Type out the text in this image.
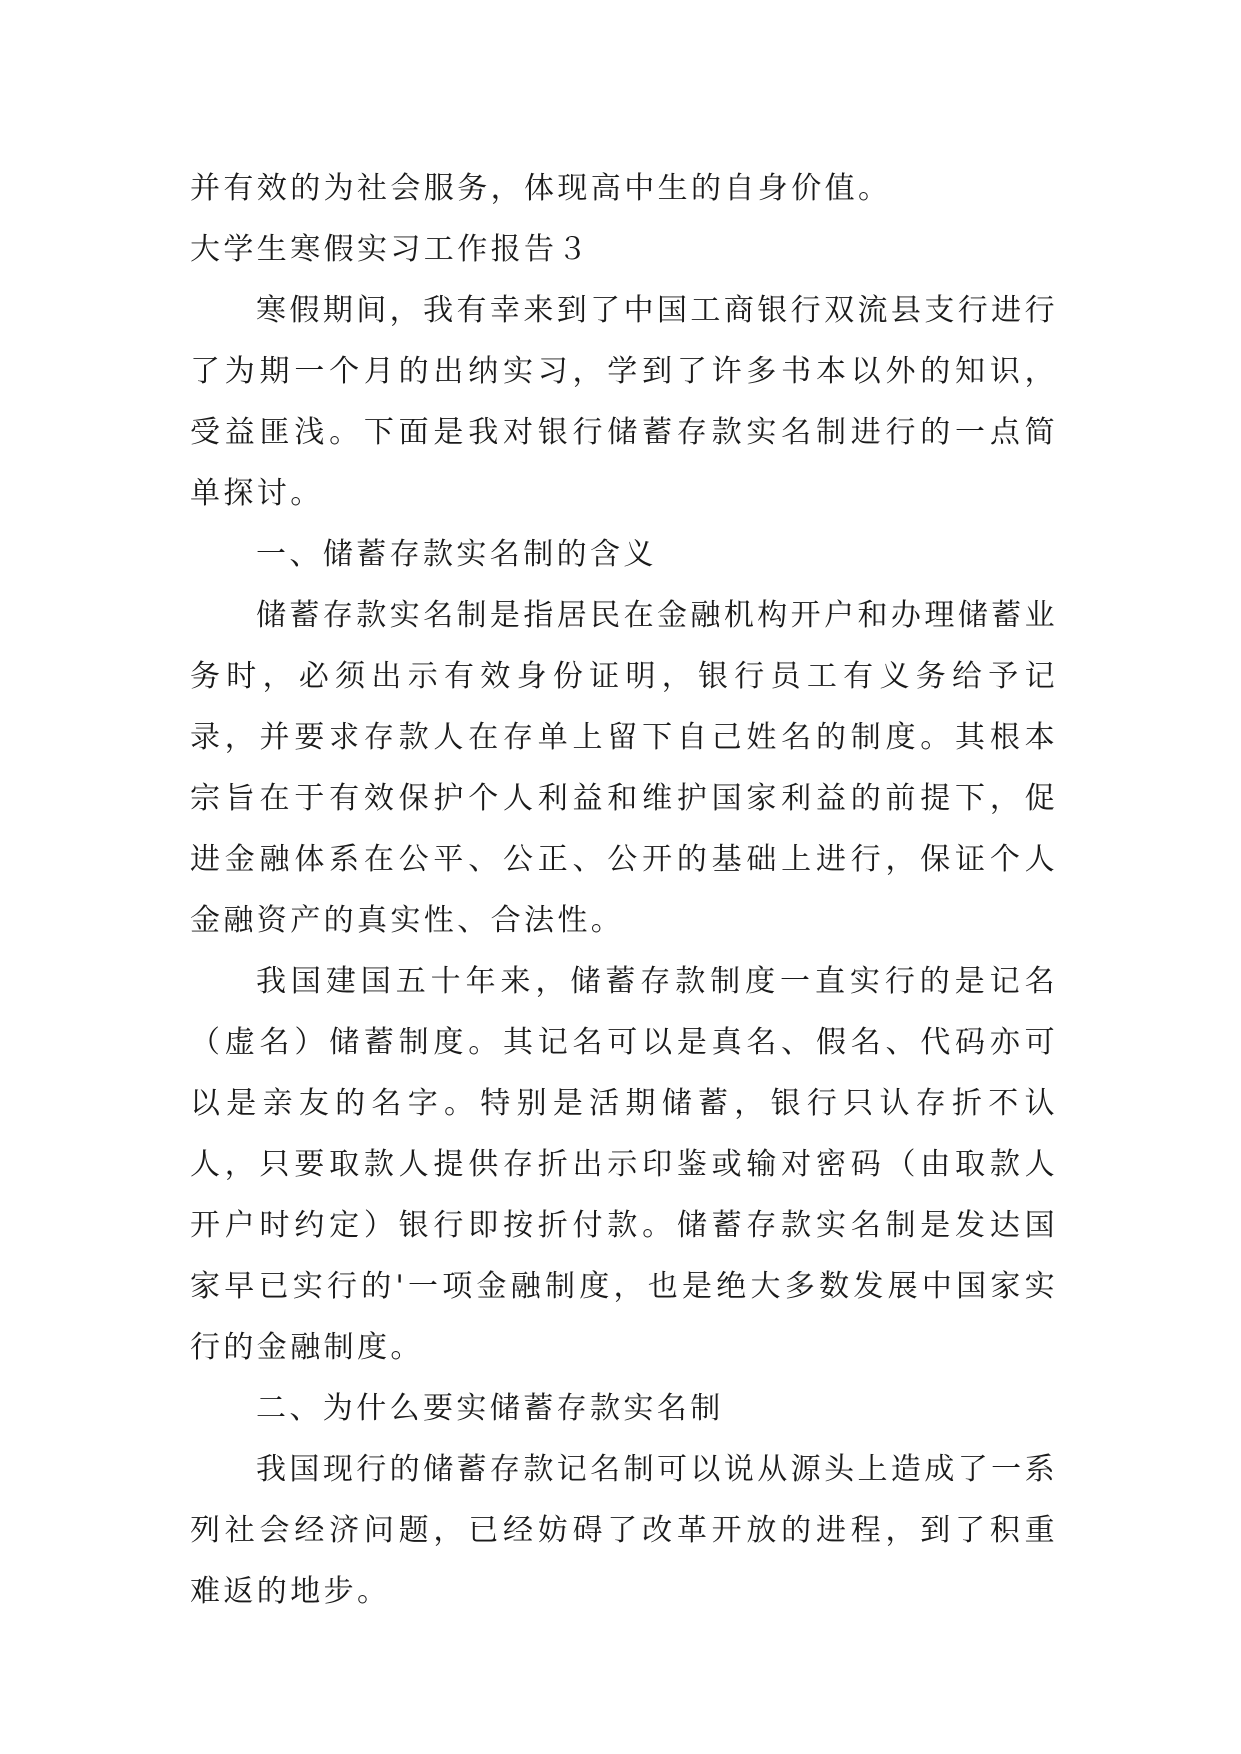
并有效的为社会服务，体现高中生的自身价值。

大学生寒假实习工作报告３

寒假期间，我有幸来到了中国工商银行双流县支行进行了为期一个月的出纳实习，学到了许多书本以外的知识，受益匪浅。下面是我对银行储蓄存款实名制进行的一点简单探讨。

一、储蓄存款实名制的含义

储蓄存款实名制是指居民在金融机构开户和办理储蓄业务时，必须出示有效身份证明，银行员工有义务给予记录，并要求存款人在存单上留下自己姓名的制度。其根本宗旨在于有效保护个人利益和维护国家利益的前提下，促进金融体系在公平、公正、公开的基础上进行，保证个人金融资产的真实性、合法性。

我国建国五十年来，储蓄存款制度一直实行的是记名（虚名）储蓄制度。其记名可以是真名、假名、代码亦可以是亲友的名字。特别是活期储蓄，银行只认存折不认人，只要取款人提供存折出示印鉴或输对密码（由取款人开户时约定）银行即按折付款。储蓄存款实名制是发达国家早已实行的'一项金融制度，也是绝大多数发展中国家实行的金融制度。

二、为什么要实储蓄存款实名制

我国现行的储蓄存款记名制可以说从源头上造成了一系列社会经济问题，已经妨碍了改革开放的进程，到了积重难返的地步。
